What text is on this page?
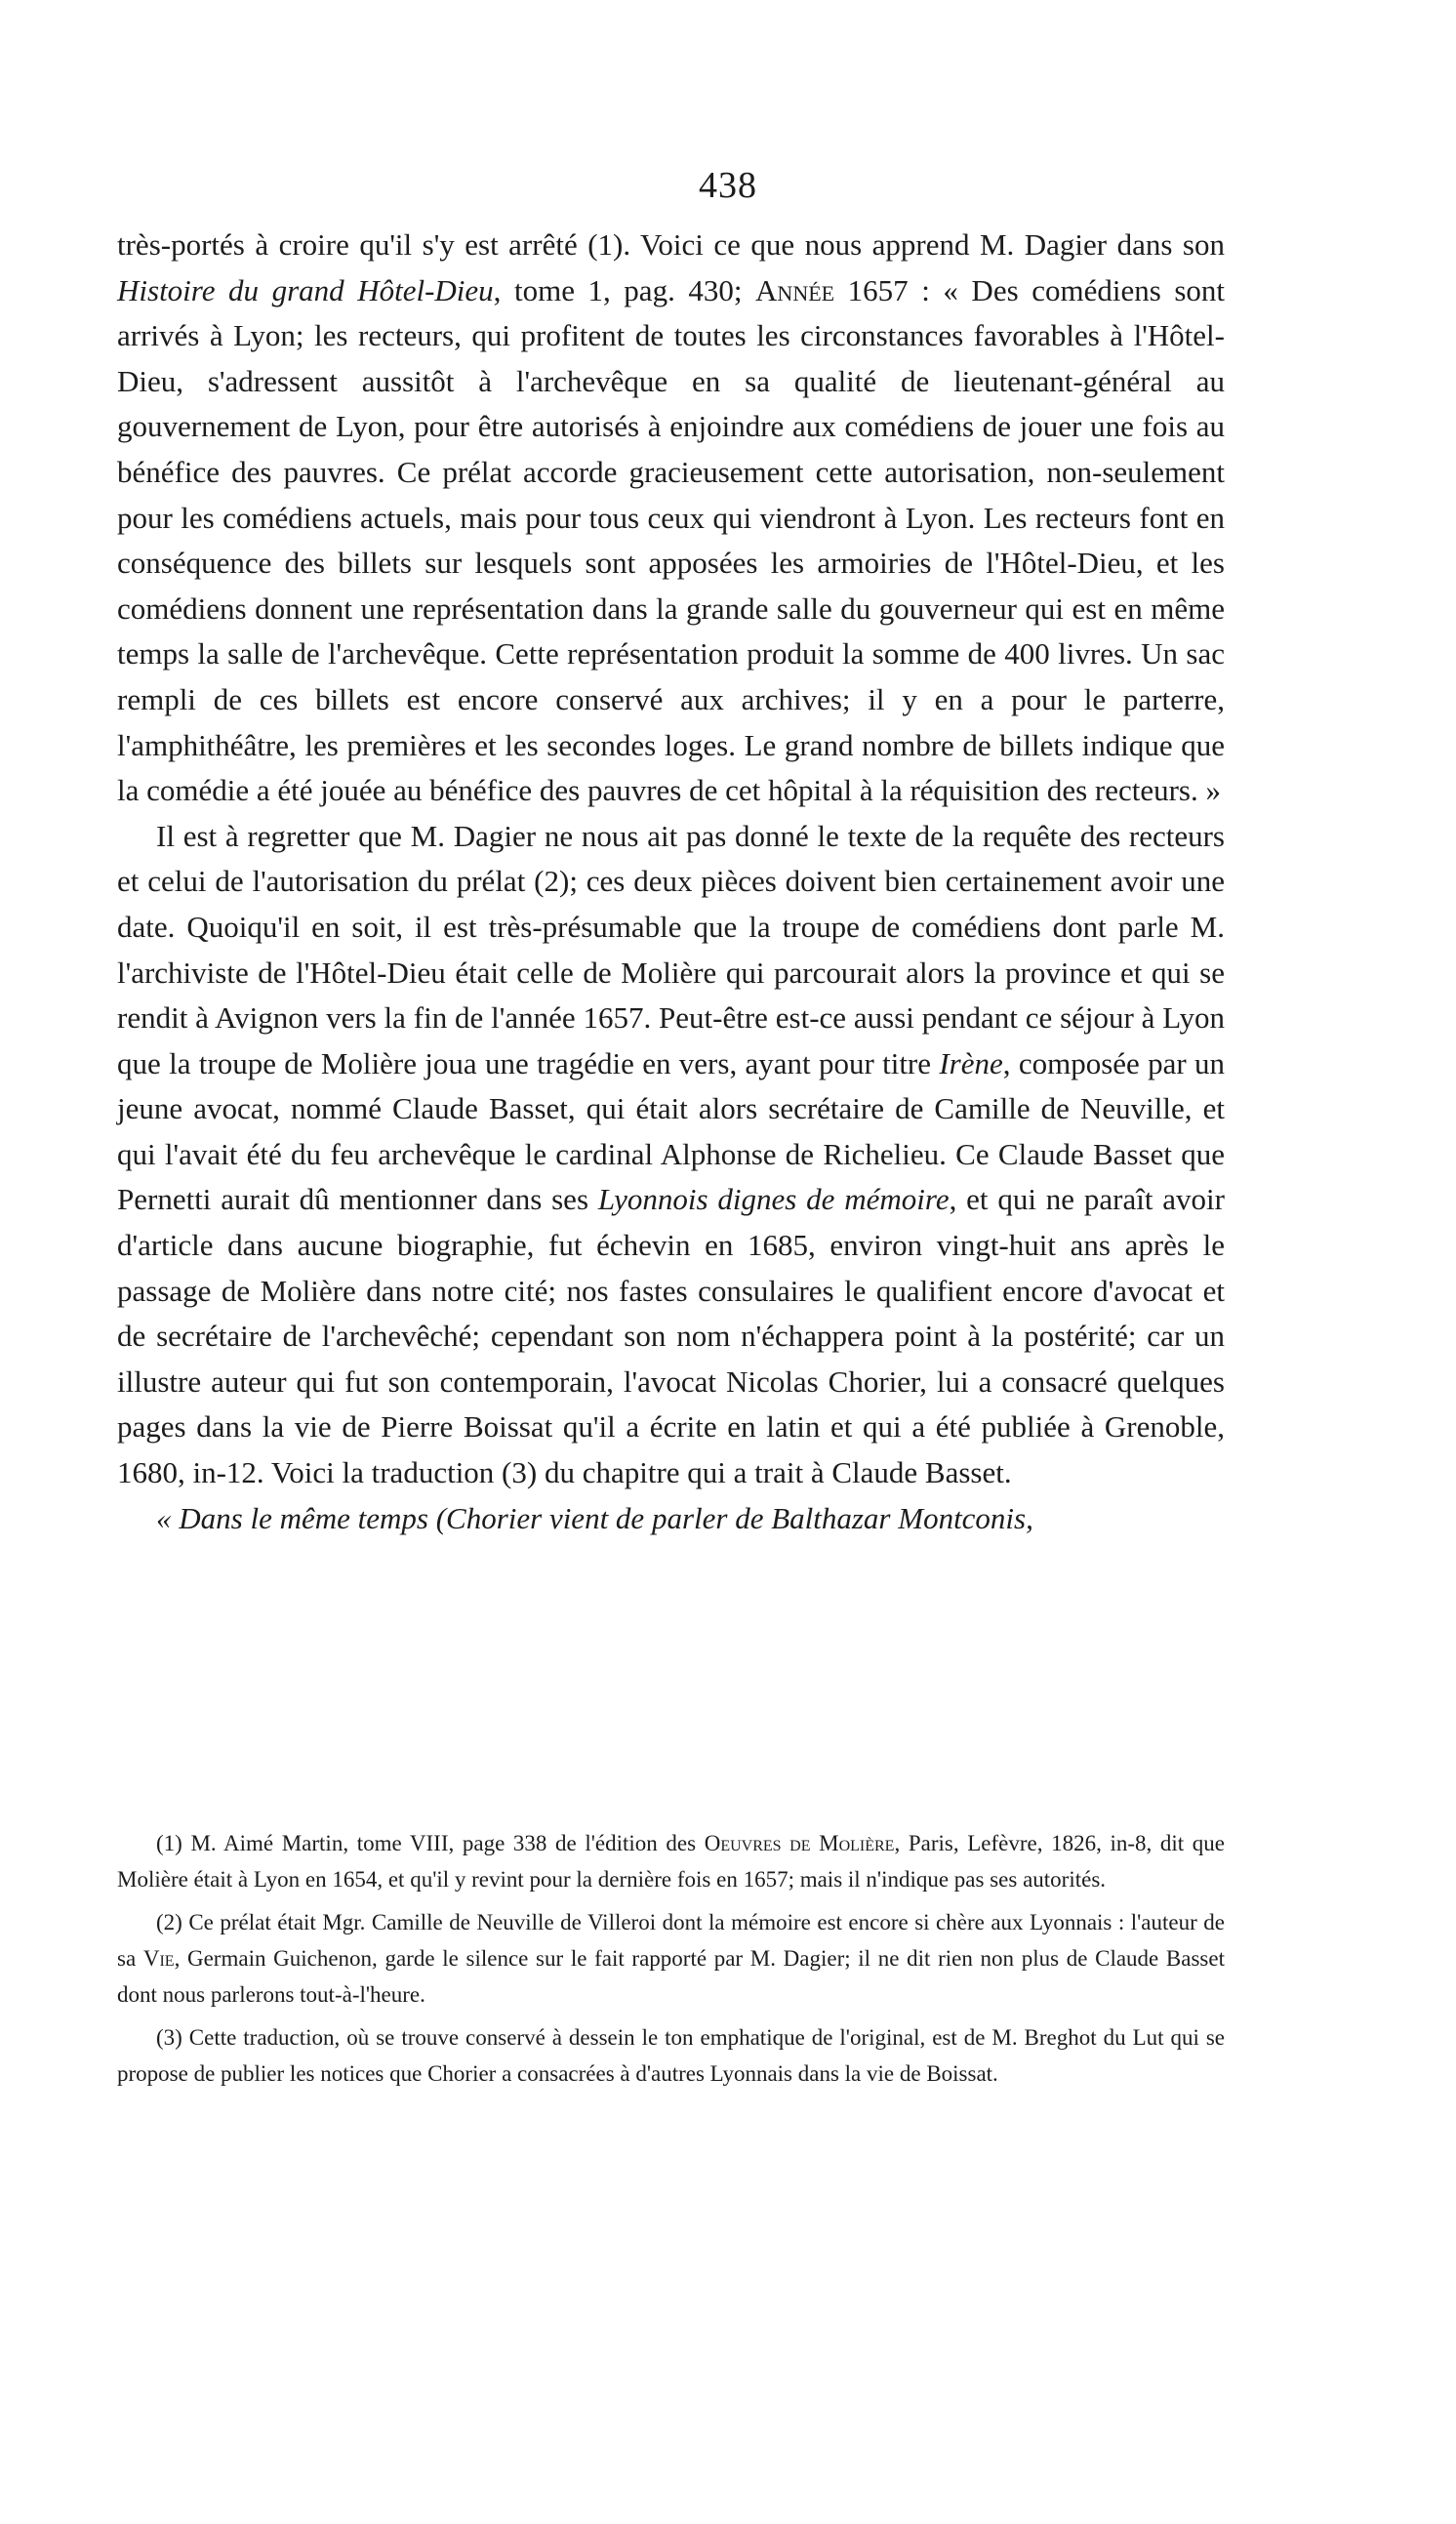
438

très-portés à croire qu'il s'y est arrêté (1). Voici ce que nous apprend M. Dagier dans son Histoire du grand Hôtel-Dieu, tome 1, pag. 430; Année 1657 : « Des comédiens sont arrivés à Lyon; les recteurs, qui profitent de toutes les circonstances favorables à l'Hôtel-Dieu, s'adressent aussitôt à l'archevêque en sa qualité de lieutenant-général au gouvernement de Lyon, pour être autorisés à enjoindre aux comédiens de jouer une fois au bénéfice des pauvres. Ce prélat accorde gracieusement cette autorisation, non-seulement pour les comédiens actuels, mais pour tous ceux qui viendront à Lyon. Les recteurs font en conséquence des billets sur lesquels sont apposées les armoiries de l'Hôtel-Dieu, et les comédiens donnent une représentation dans la grande salle du gouverneur qui est en même temps la salle de l'archevêque. Cette représentation produit la somme de 400 livres. Un sac rempli de ces billets est encore conservé aux archives; il y en a pour le parterre, l'amphithéâtre, les premières et les secondes loges. Le grand nombre de billets indique que la comédie a été jouée au bénéfice des pauvres de cet hôpital à la réquisition des recteurs. »

Il est à regretter que M. Dagier ne nous ait pas donné le texte de la requête des recteurs et celui de l'autorisation du prélat (2); ces deux pièces doivent bien certainement avoir une date. Quoiqu'il en soit, il est très-présumable que la troupe de comédiens dont parle M. l'archiviste de l'Hôtel-Dieu était celle de Molière qui parcourait alors la province et qui se rendit à Avignon vers la fin de l'année 1657. Peut-être est-ce aussi pendant ce séjour à Lyon que la troupe de Molière joua une tragédie en vers, ayant pour titre Irène, composée par un jeune avocat, nommé Claude Basset, qui était alors secrétaire de Camille de Neuville, et qui l'avait été du feu archevêque le cardinal Alphonse de Richelieu. Ce Claude Basset que Pernetti aurait dû mentionner dans ses Lyonnois dignes de mémoire, et qui ne paraît avoir d'article dans aucune biographie, fut échevin en 1685, environ vingt-huit ans après le passage de Molière dans notre cité; nos fastes consulaires le qualifient encore d'avocat et de secrétaire de l'archevêché; cependant son nom n'échappera point à la postérité; car un illustre auteur qui fut son contemporain, l'avocat Nicolas Chorier, lui a consacré quelques pages dans la vie de Pierre Boissat qu'il a écrite en latin et qui a été publiée à Grenoble, 1680, in-12. Voici la traduction (3) du chapitre qui a trait à Claude Basset.

« Dans le même temps (Chorier vient de parler de Balthazar Montconis,

(1) M. Aimé Martin, tome VIII, page 338 de l'édition des Oeuvres de Molière, Paris, Lefèvre, 1826, in-8, dit que Molière était à Lyon en 1654, et qu'il y revint pour la dernière fois en 1657; mais il n'indique pas ses autorités.

(2) Ce prélat était Mgr. Camille de Neuville de Villeroi dont la mémoire est encore si chère aux Lyonnais : l'auteur de sa Vie, Germain Guichenon, garde le silence sur le fait rapporté par M. Dagier; il ne dit rien non plus de Claude Basset dont nous parlerons tout-à-l'heure.

(3) Cette traduction, où se trouve conservé à dessein le ton emphatique de l'original, est de M. Breghot du Lut qui se propose de publier les notices que Chorier a consacrées à d'autres Lyonnais dans la vie de Boissat.
